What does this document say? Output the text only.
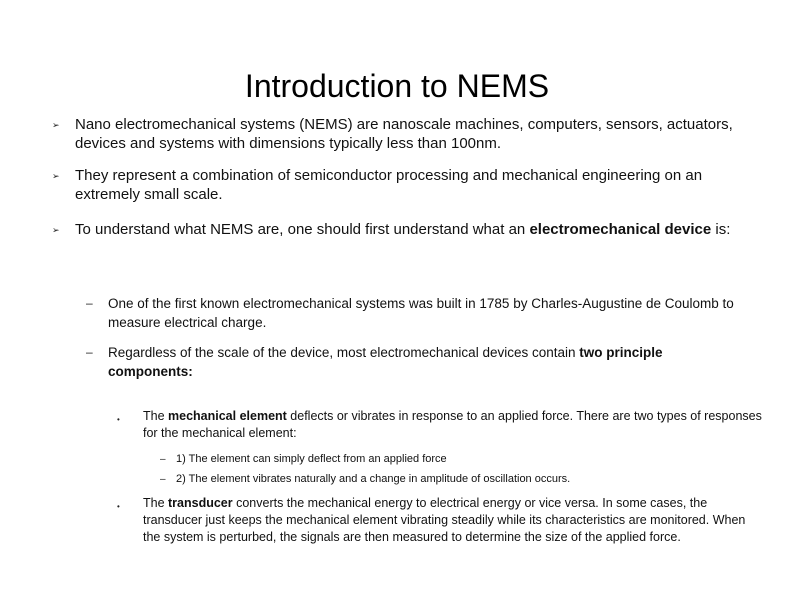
Introduction to NEMS
➢ Nano electromechanical systems (NEMS) are nanoscale machines, computers, sensors, actuators, devices and systems with dimensions typically less than 100nm.
➢ They represent a combination of semiconductor processing and mechanical engineering on an extremely small scale.
➢ To understand what NEMS are, one should first understand what an electromechanical device is:
– One of the first known electromechanical systems was built in 1785 by Charles-Augustine de Coulomb to measure electrical charge.
– Regardless of the scale of the device, most electromechanical devices contain two principle components:
• The mechanical element deflects or vibrates in response to an applied force. There are two types of responses for the mechanical element:
– 1) The element can simply deflect from an applied force
– 2) The element vibrates naturally and a change in amplitude of oscillation occurs.
• The transducer converts the mechanical energy to electrical energy or vice versa. In some cases, the transducer just keeps the mechanical element vibrating steadily while its characteristics are monitored. When the system is perturbed, the signals are then measured to determine the size of the applied force.
